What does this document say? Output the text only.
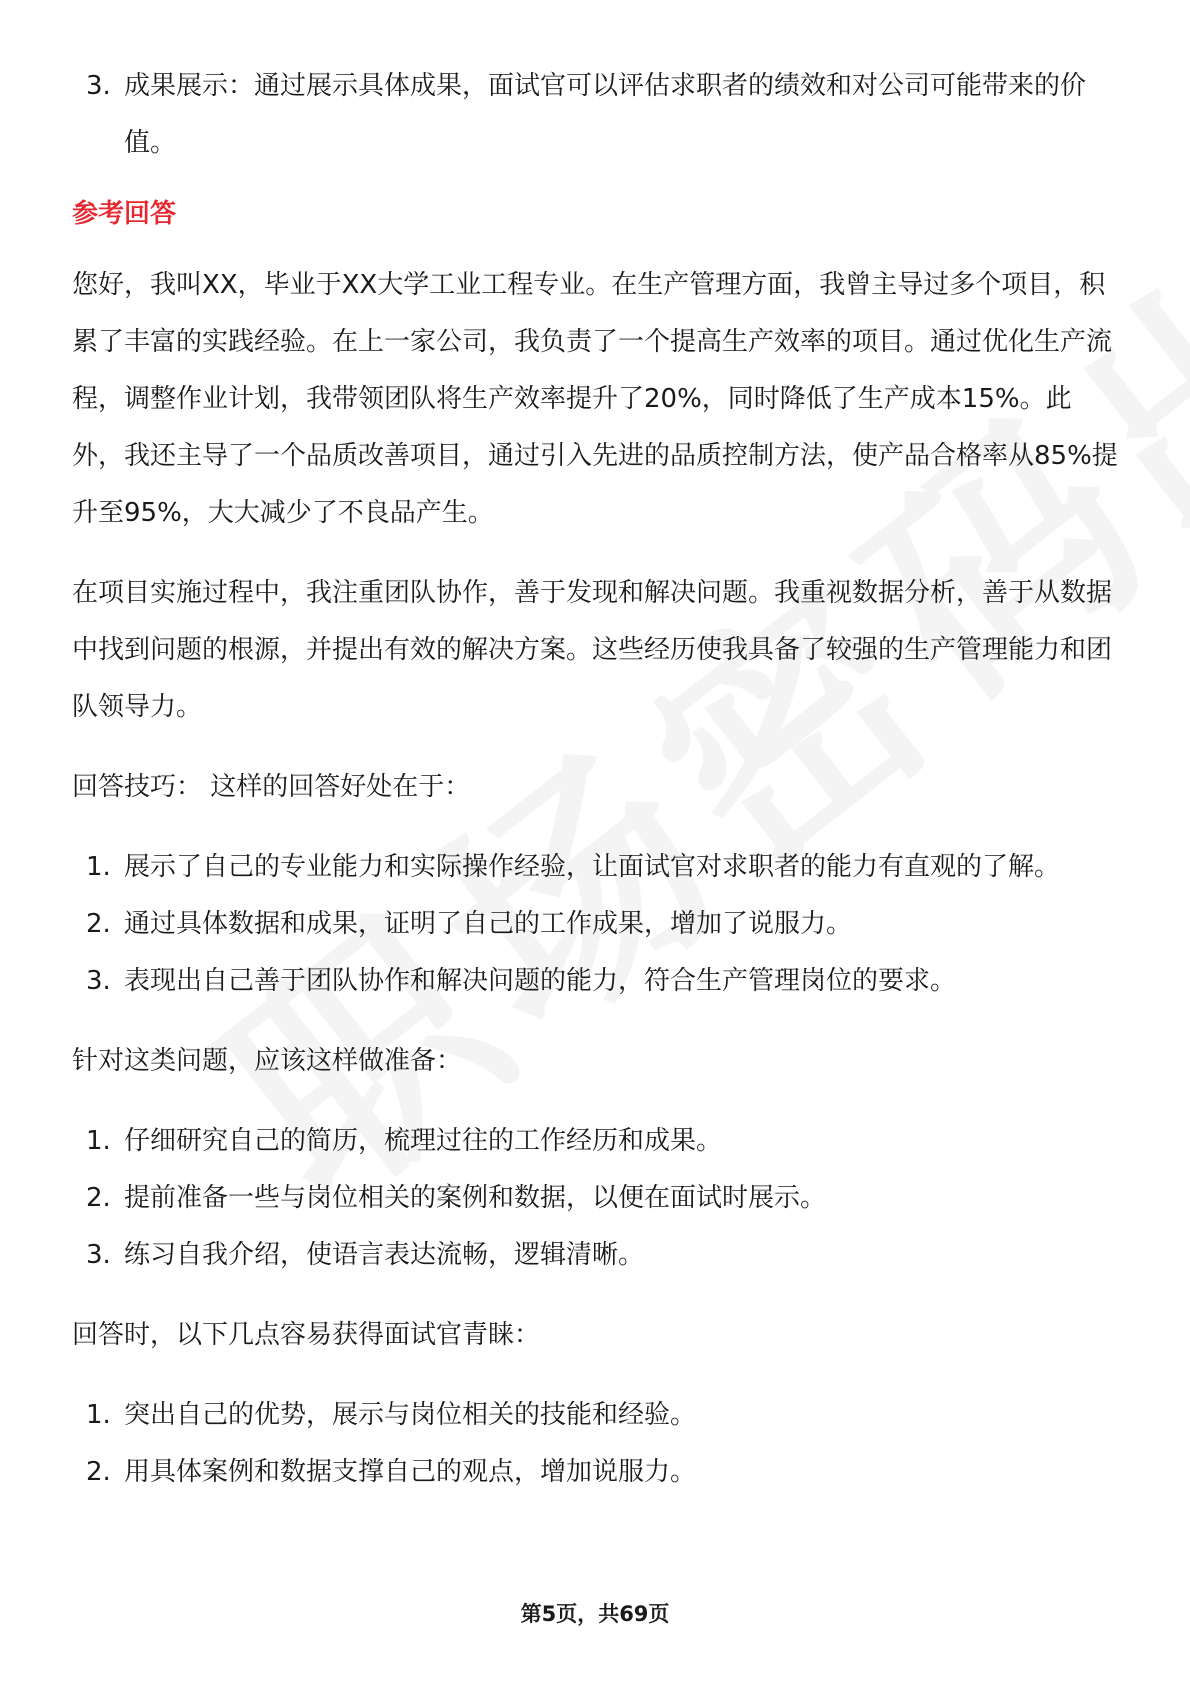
3. 成果展示：通过展示具体成果，面试官可以评估求职者的绩效和对公司可能带来的价值。
参考回答

您好，我叫XX，毕业于XX大学工业工程专业。在生产管理方面，我曾主导过多个项目，积累了丰富的实践经验。在上一家公司，我负责了一个提高生产效率的项目。通过优化生产流程，调整作业计划，我带领团队将生产效率提升了20%，同时降低了生产成本15%。此外，我还主导了一个品质改善项目，通过引入先进的品质控制方法，使产品合格率从85%提升至95%，大大减少了不良品产生。

在项目实施过程中，我注重团队协作，善于发现和解决问题。我重视数据分析，善于从数据中找到问题的根源，并提出有效的解决方案。这些经历使我具备了较强的生产管理能力和团队领导力。

回答技巧： 这样的回答好处在于：

1. 展示了自己的专业能力和实际操作经验，让面试官对求职者的能力有直观的了解。
2. 通过具体数据和成果，证明了自己的工作成果，增加了说服力。
3. 表现出自己善于团队协作和解决问题的能力，符合生产管理岗位的要求。

针对这类问题，应该这样做准备：

1. 仔细研究自己的简历，梳理过往的工作经历和成果。
2. 提前准备一些与岗位相关的案例和数据，以便在面试时展示。
3. 练习自我介绍，使语言表达流畅，逻辑清晰。

回答时，以下几点容易获得面试官青睐：

1. 突出自己的优势，展示与岗位相关的技能和经验。
2. 用具体案例和数据支撑自己的观点，增加说服力。
第5页，共69页
